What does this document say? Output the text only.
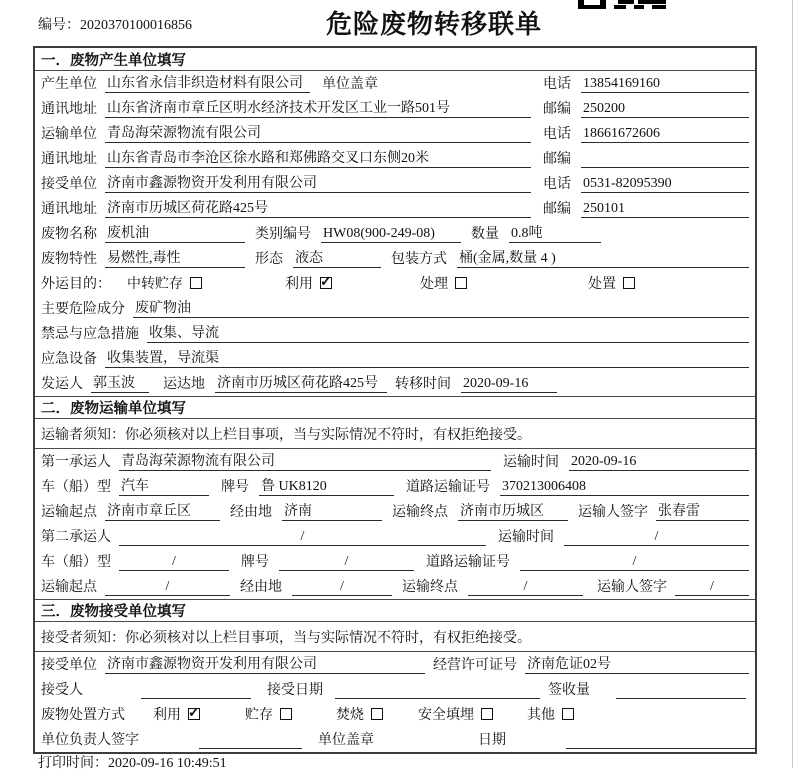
编号：2020370100016856	危险废物转移联单
一．废物产生单位填写
产生单位 山东省永信非织造材料有限公司	单位盖章	电话 13854169160
通讯地址 山东省济南市章丘区明水经济技术开发区工业一路501号	邮编 250200
运输单位 青岛海荣源物流有限公司	电话 18661672606
通讯地址 山东省青岛市李沧区徐水路和郑佛路交叉口东侧20米	邮编
接受单位 济南市鑫源物资开发利用有限公司	电话 0531-82095390
通讯地址 济南市历城区荷花路425号	邮编 250101
废物名称 废机油	类别编号 HW08(900-249-08)	数量 0.8吨
废物特性 易燃性,毒性	形态 液态	包装方式 桶(金属,数量 4 )
外运目的： 中转贮存	利用 ✓	处理	处置
主要危险成分 废矿物油
禁忌与应急措施 收集、导流
应急设备 收集装置，导流渠
发运人 郭玉波	运达地 济南市历城区荷花路425号	转移时间 2020-09-16
二．废物运输单位填写
运输者须知：你必须核对以上栏目事项，当与实际情况不符时，有权拒绝接受。
第一承运人 青岛海荣源物流有限公司	运输时间 2020-09-16
车（船）型 汽车	牌号 鲁 UK8120	道路运输证号 370213006408
运输起点 济南市章丘区	经由地 济南	运输终点 济南市历城区	运输人签字 张春雷
第二承运人	/	运输时间	/
车（船）型	/	牌号	/	道路运输证号	/
运输起点	/	经由地	/	运输终点	/	运输人签字	/
三．废物接受单位填写
接受者须知：你必须核对以上栏目事项，当与实际情况不符时，有权拒绝接受。
接受单位 济南市鑫源物资开发利用有限公司	经营许可证号 济南危证02号
接受人	接受日期	签收量
废物处置方式 利用 ✓	贮存	焚烧	安全填埋	其他
单位负责人签字	单位盖章	日期
打印时间：2020-09-16 10:49:51
